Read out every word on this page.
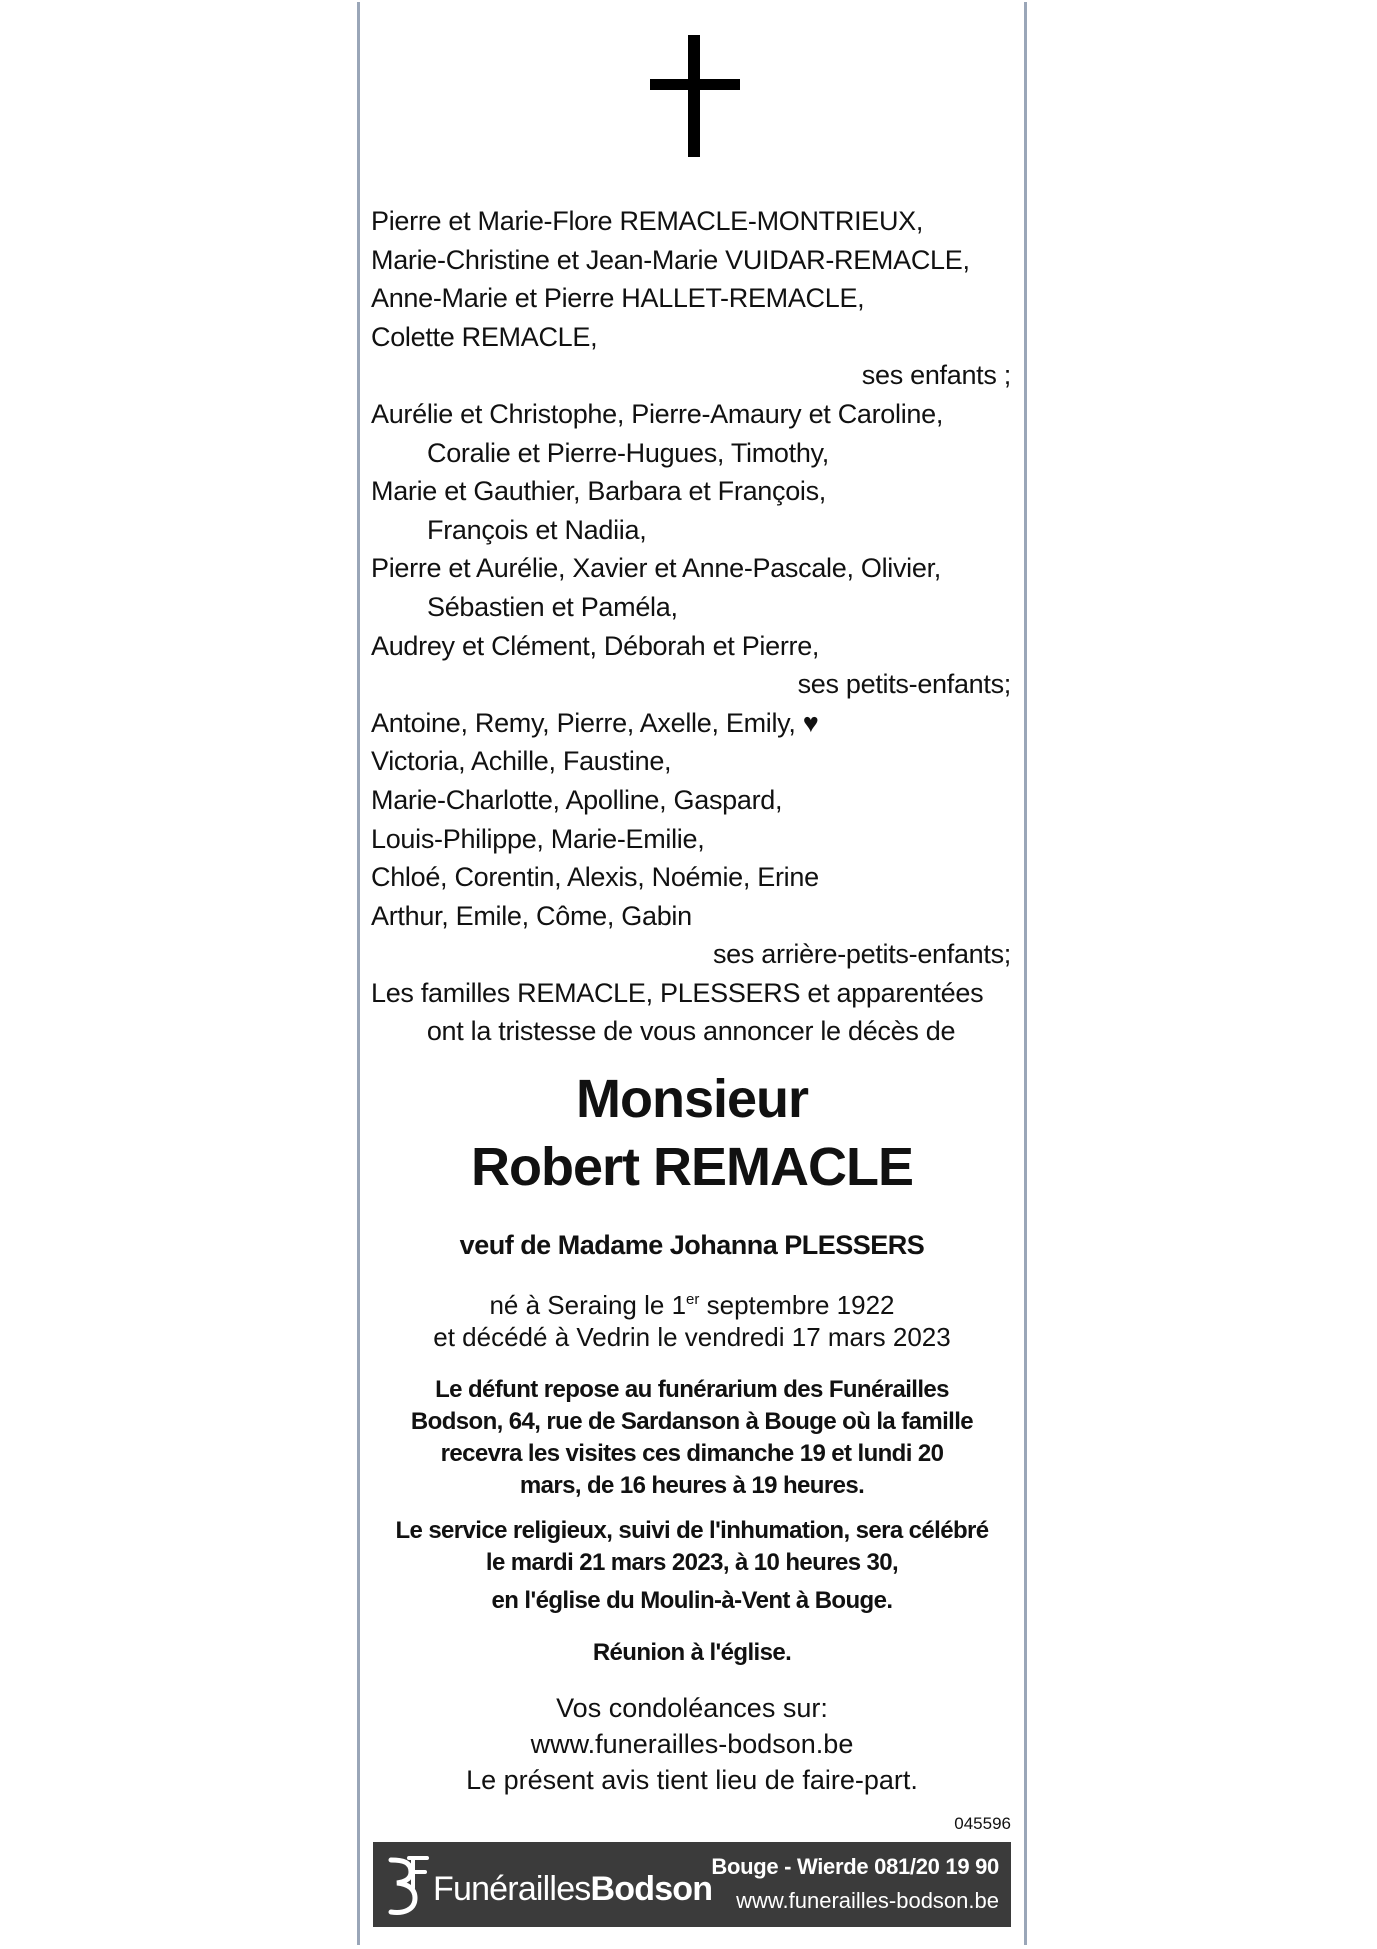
Pierre et Marie-Flore REMACLE-MONTRIEUX,
Marie-Christine et Jean-Marie VUIDAR-REMACLE,
Anne-Marie et Pierre HALLET-REMACLE,
Colette REMACLE,
ses enfants ;
Aurélie et Christophe, Pierre-Amaury et Caroline,
Coralie et Pierre-Hugues, Timothy,
Marie et Gauthier, Barbara et François,
François et Nadiia,
Pierre et Aurélie, Xavier et Anne-Pascale, Olivier,
Sébastien et Paméla,
Audrey et Clément, Déborah et Pierre,
ses petits-enfants;
Antoine, Remy, Pierre, Axelle, Emily, ♥
Victoria, Achille, Faustine,
Marie-Charlotte, Apolline, Gaspard,
Louis-Philippe, Marie-Emilie,
Chloé, Corentin, Alexis, Noémie, Erine
Arthur, Emile, Côme, Gabin
ses arrière-petits-enfants;
Les familles REMACLE, PLESSERS et apparentées
ont la tristesse de vous annoncer le décès de
Monsieur
Robert REMACLE
veuf de Madame Johanna PLESSERS
né à Seraing le 1er septembre 1922
et décédé à Vedrin le vendredi 17 mars 2023
Le défunt repose au funérarium des Funérailles
Bodson, 64, rue de Sardanson à Bouge où la famille
recevra les visites ces dimanche 19 et lundi 20
mars, de 16 heures à 19 heures.
Le service religieux, suivi de l'inhumation, sera célébré
le mardi 21 mars 2023, à 10 heures 30,
en l'église du Moulin-à-Vent à Bouge.
Réunion à l'église.
Vos condoléances sur:
www.funerailles-bodson.be
Le présent avis tient lieu de faire-part.
045596
FunéraillesBodson
Bouge - Wierde 081/20 19 90
www.funerailles-bodson.be
